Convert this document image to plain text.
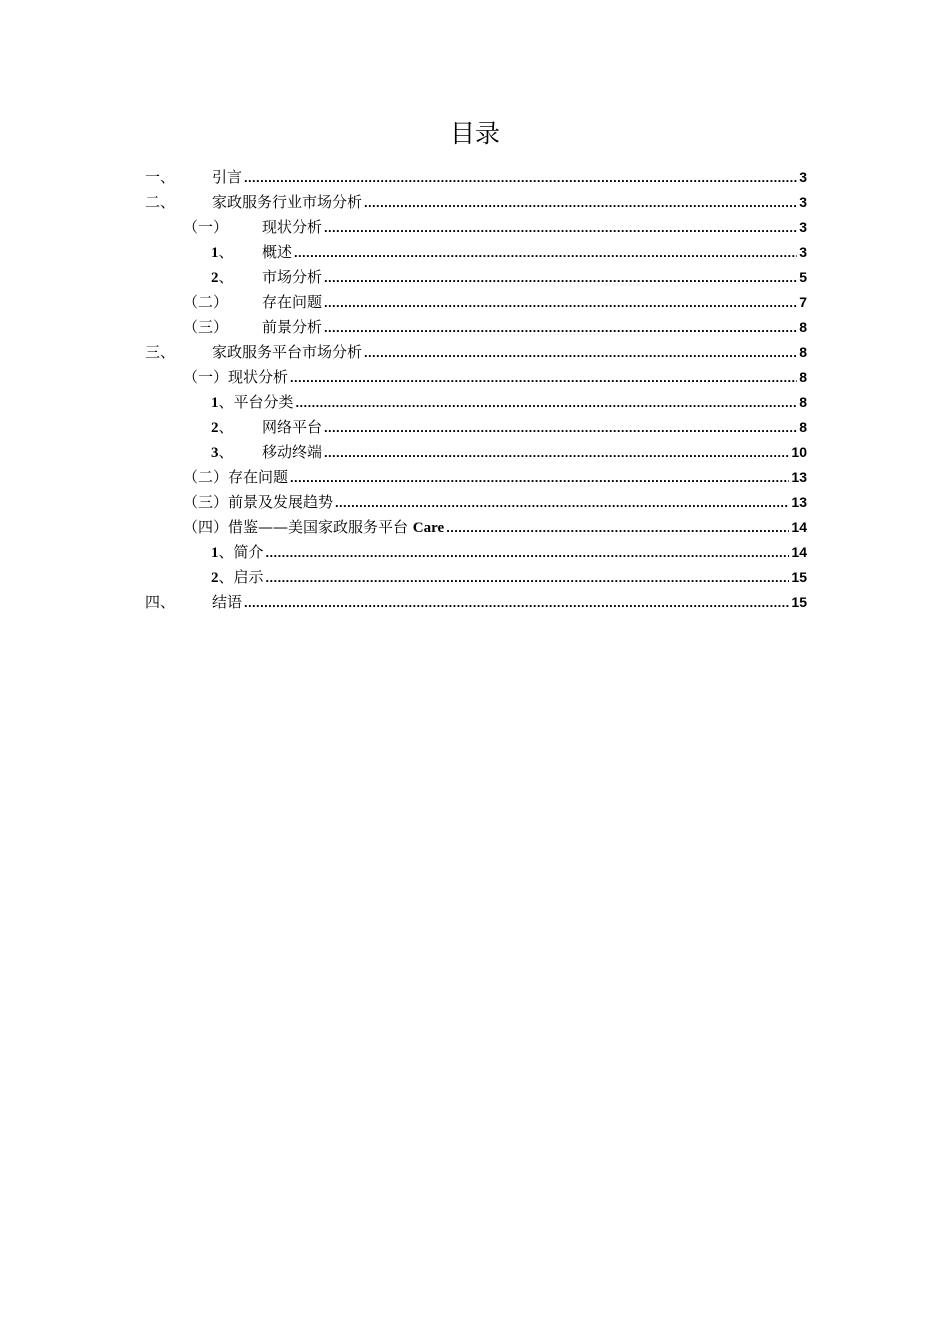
目录
一、	引言 .....	3
二、	家政服务行业市场分析 .....	3
（一）	现状分析 .....	3
1、	概述 .....	3
2、	市场分析 .....	5
（二）	存在问题 .....	7
（三）	前景分析 .....	8
三、	家政服务平台市场分析 .....	8
（一） 现状分析 .....	8
1、 平台分类 .....	8
2、	网络平台 .....	8
3、	移动终端 .....	10
（二） 存在问题 .....	13
（三） 前景及发展趋势 .....	13
（四） 借鉴——美国家政服务平台 Care .....	14
1、 简介 .....	14
2、 启示 .....	15
四、	结语 .....	15
